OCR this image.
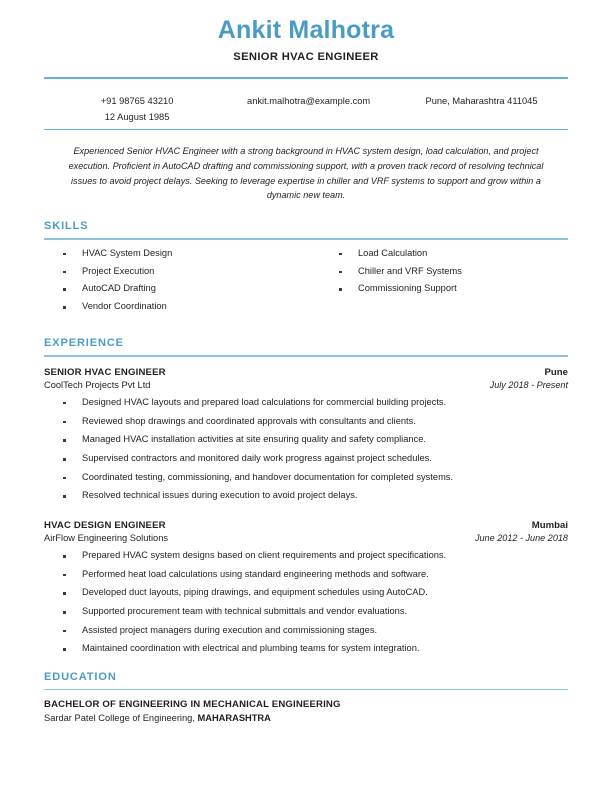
Ankit Malhotra
SENIOR HVAC ENGINEER
+91 98765 43210
12 August 1985
ankit.malhotra@example.com	Pune, Maharashtra 411045
Experienced Senior HVAC Engineer with a strong background in HVAC system design, load calculation, and project execution. Proficient in AutoCAD drafting and commissioning support, with a proven track record of resolving technical issues to avoid project delays. Seeking to leverage expertise in chiller and VRF systems to support and grow within a dynamic new team.
SKILLS
HVAC System Design
Project Execution
AutoCAD Drafting
Vendor Coordination
Load Calculation
Chiller and VRF Systems
Commissioning Support
EXPERIENCE
SENIOR HVAC ENGINEER	Pune
CoolTech Projects Pvt Ltd	July 2018 - Present
Designed HVAC layouts and prepared load calculations for commercial building projects.
Reviewed shop drawings and coordinated approvals with consultants and clients.
Managed HVAC installation activities at site ensuring quality and safety compliance.
Supervised contractors and monitored daily work progress against project schedules.
Coordinated testing, commissioning, and handover documentation for completed systems.
Resolved technical issues during execution to avoid project delays.
HVAC DESIGN ENGINEER	Mumbai
AirFlow Engineering Solutions	June 2012 - June 2018
Prepared HVAC system designs based on client requirements and project specifications.
Performed heat load calculations using standard engineering methods and software.
Developed duct layouts, piping drawings, and equipment schedules using AutoCAD.
Supported procurement team with technical submittals and vendor evaluations.
Assisted project managers during execution and commissioning stages.
Maintained coordination with electrical and plumbing teams for system integration.
EDUCATION
BACHELOR OF ENGINEERING IN MECHANICAL ENGINEERING
Sardar Patel College of Engineering, MAHARASHTRA
